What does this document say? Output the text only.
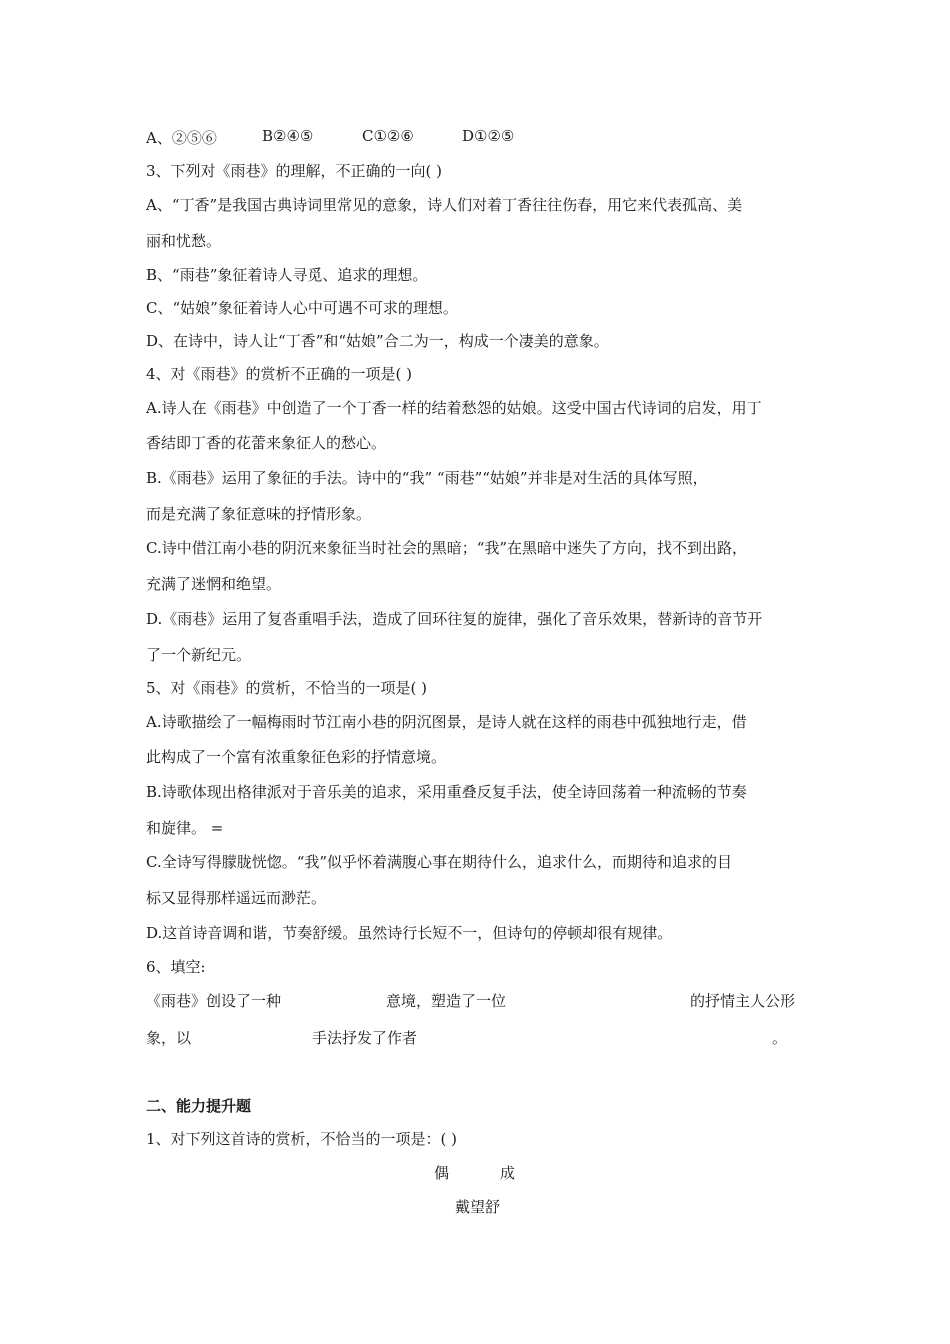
A、②⑤⑥	B②④⑤	C①②⑥	D①②⑤
3、下列对《雨巷》的理解，不正确的一向( )
A、“丁香”是我国古典诗词里常见的意象，诗人们对着丁香往往伤春，用它来代表孤高、美
丽和忧愁。
B、“雨巷”象征着诗人寻觅、追求的理想。
C、“姑娘”象征着诗人心中可遇不可求的理想。
D、在诗中，诗人让“丁香”和“姑娘”合二为一，构成一个凄美的意象。
4、对《雨巷》的赏析不正确的一项是( )
A.诗人在《雨巷》中创造了一个丁香一样的结着愁怨的姑娘。这受中国古代诗词的启发，用丁
香结即丁香的花蕾来象征人的愁心。
B.《雨巷》运用了象征的手法。诗中的“我” “雨巷”“姑娘”并非是对生活的具体写照，
而是充满了象征意味的抒情形象。
C.诗中借江南小巷的阴沉来象征当时社会的黑暗；“我”在黑暗中迷失了方向，找不到出路，
充满了迷惘和绝望。
D.《雨巷》运用了复沓重唱手法，造成了回环往复的旋律，强化了音乐效果，替新诗的音节开
了一个新纪元。
5、对《雨巷》的赏析，不恰当的一项是( )
A.诗歌描绘了一幅梅雨时节江南小巷的阴沉图景，是诗人就在这样的雨巷中孤独地行走，借
此构成了一个富有浓重象征色彩的抒情意境。
B.诗歌体现出格律派对于音乐美的追求，采用重叠反复手法，使全诗回荡着一种流畅的节奏
和旋律。 =
C.全诗写得朦胧恍惚。“我”似乎怀着满腹心事在期待什么，追求什么，而期待和追求的目
标又显得那样遥远而渺茫。
D.这首诗音调和谐，节奏舒缓。虽然诗行长短不一，但诗句的停顿却很有规律。
6、填空:
《雨巷》创设了一种	意境，塑造了一位	的抒情主人公形
象，以	手法抒发了作者	。
二、能力提升题
1、对下列这首诗的赏析，不恰当的一项是：( )
偶	成
戴望舒
